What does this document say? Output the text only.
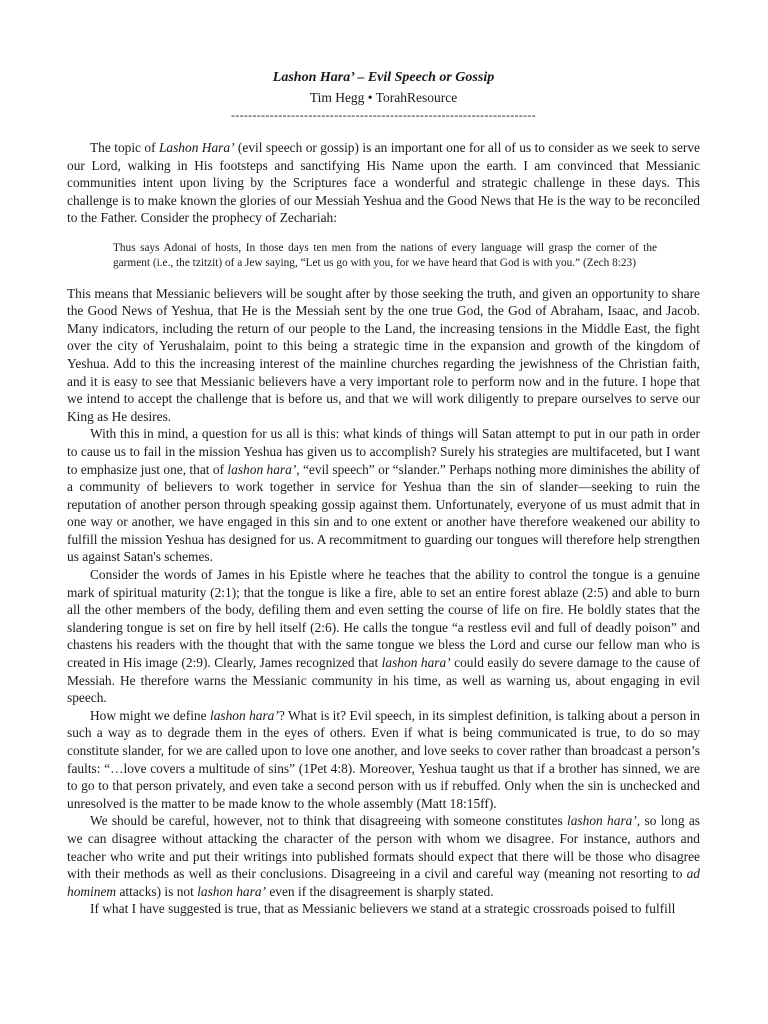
Lashon Hara’ – Evil Speech or Gossip
Tim Hegg • TorahResource
-----------------------------------------------------------------------

The topic of Lashon Hara’ (evil speech or gossip) is an important one for all of us to consider as we seek to serve our Lord, walking in His footsteps and sanctifying His Name upon the earth. I am convinced that Messianic communities intent upon living by the Scriptures face a wonderful and strategic challenge in these days. This challenge is to make known the glories of our Messiah Yeshua and the Good News that He is the way to be reconciled to the Father. Consider the prophecy of Zechariah:

Thus says Adonai of hosts, In those days ten men from the nations of every language will grasp the corner of the garment (i.e., the tzitzit) of a Jew saying, “Let us go with you, for we have heard that God is with you.” (Zech 8:23)

This means that Messianic believers will be sought after by those seeking the truth, and given an opportunity to share the Good News of Yeshua, that He is the Messiah sent by the one true God, the God of Abraham, Isaac, and Jacob. Many indicators, including the return of our people to the Land, the increasing tensions in the Middle East, the fight over the city of Yerushalaim, point to this being a strategic time in the expansion and growth of the kingdom of Yeshua. Add to this the increasing interest of the mainline churches regarding the jewishness of the Christian faith, and it is easy to see that Messianic believers have a very important role to perform now and in the future. I hope that we intend to accept the challenge that is before us, and that we will work diligently to prepare ourselves to serve our King as He desires.

With this in mind, a question for us all is this: what kinds of things will Satan attempt to put in our path in order to cause us to fail in the mission Yeshua has given us to accomplish? Surely his strategies are multifaceted, but I want to emphasize just one, that of lashon hara’, “evil speech” or “slander.” Perhaps nothing more diminishes the ability of a community of believers to work together in service for Yeshua than the sin of slander—seeking to ruin the reputation of another person through speaking gossip against them. Unfortunately, everyone of us must admit that in one way or another, we have engaged in this sin and to one extent or another have therefore weakened our ability to fulfill the mission Yeshua has designed for us. A recommitment to guarding our tongues will therefore help strengthen us against Satan's schemes.

Consider the words of James in his Epistle where he teaches that the ability to control the tongue is a genuine mark of spiritual maturity (2:1); that the tongue is like a fire, able to set an entire forest ablaze (2:5) and able to burn all the other members of the body, defiling them and even setting the course of life on fire. He boldly states that the slandering tongue is set on fire by hell itself (2:6). He calls the tongue “a restless evil and full of deadly poison” and chastens his readers with the thought that with the same tongue we bless the Lord and curse our fellow man who is created in His image (2:9). Clearly, James recognized that lashon hara’ could easily do severe damage to the cause of Messiah. He therefore warns the Messianic community in his time, as well as warning us, about engaging in evil speech.

How might we define lashon hara’? What is it? Evil speech, in its simplest definition, is talking about a person in such a way as to degrade them in the eyes of others. Even if what is being communicated is true, to do so may constitute slander, for we are called upon to love one another, and love seeks to cover rather than broadcast a person’s faults: “…love covers a multitude of sins” (1Pet 4:8). Moreover, Yeshua taught us that if a brother has sinned, we are to go to that person privately, and even take a second person with us if rebuffed. Only when the sin is unchecked and unresolved is the matter to be made know to the whole assembly (Matt 18:15ff).

We should be careful, however, not to think that disagreeing with someone constitutes lashon hara’, so long as we can disagree without attacking the character of the person with whom we disagree. For instance, authors and teacher who write and put their writings into published formats should expect that there will be those who disagree with their methods as well as their conclusions. Disagreeing in a civil and careful way (meaning not resorting to ad hominem attacks) is not lashon hara’ even if the disagreement is sharply stated.

If what I have suggested is true, that as Messianic believers we stand at a strategic crossroads poised to fulfill
